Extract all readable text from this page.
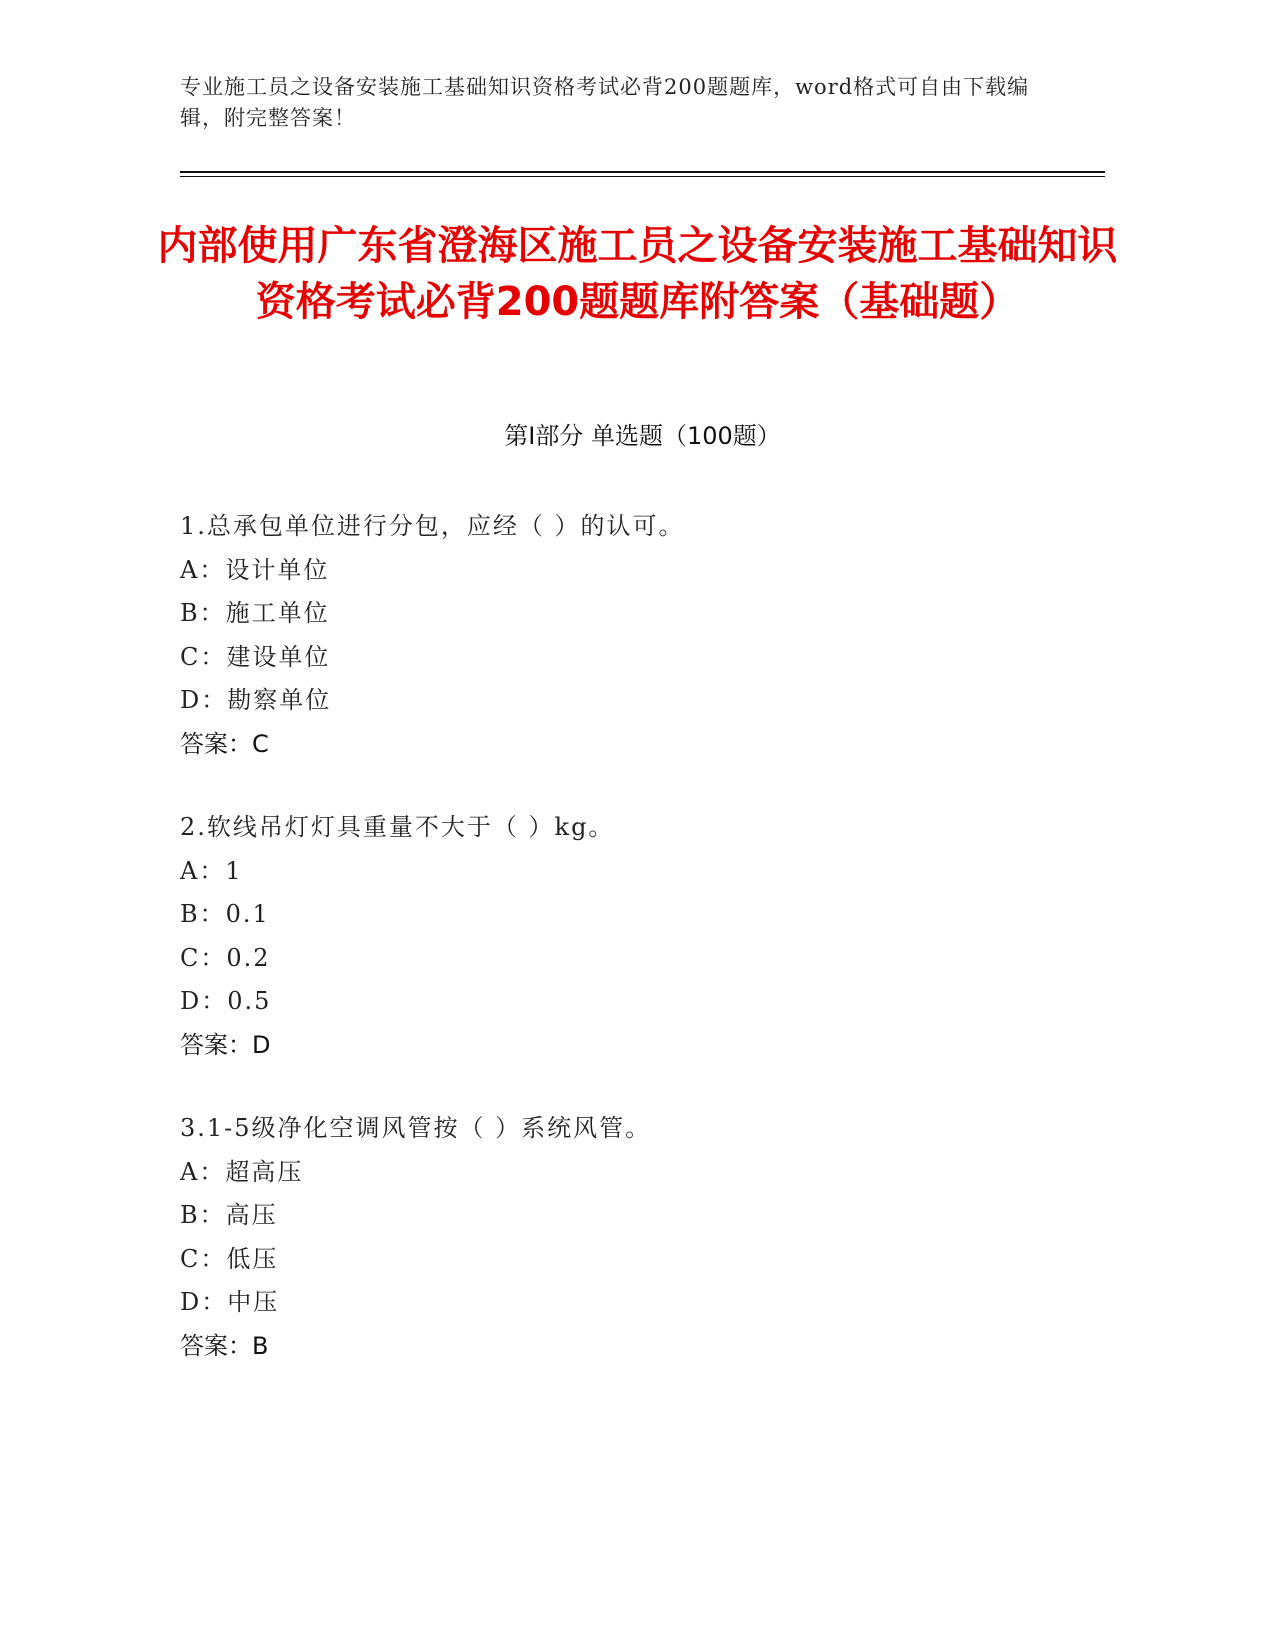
专业施工员之设备安装施工基础知识资格考试必背200题题库，word格式可自由下载编辑，附完整答案！
内部使用广东省澄海区施工员之设备安装施工基础知识资格考试必背200题题库附答案（基础题）
第I部分 单选题（100题）
1.总承包单位进行分包，应经（ ）的认可。
A：设计单位
B：施工单位
C：建设单位
D：勘察单位
答案：C
2.软线吊灯灯具重量不大于（ ）kg。
A：1
B：0.1
C：0.2
D：0.5
答案：D
3.1-5级净化空调风管按（ ）系统风管。
A：超高压
B：高压
C：低压
D：中压
答案：B
